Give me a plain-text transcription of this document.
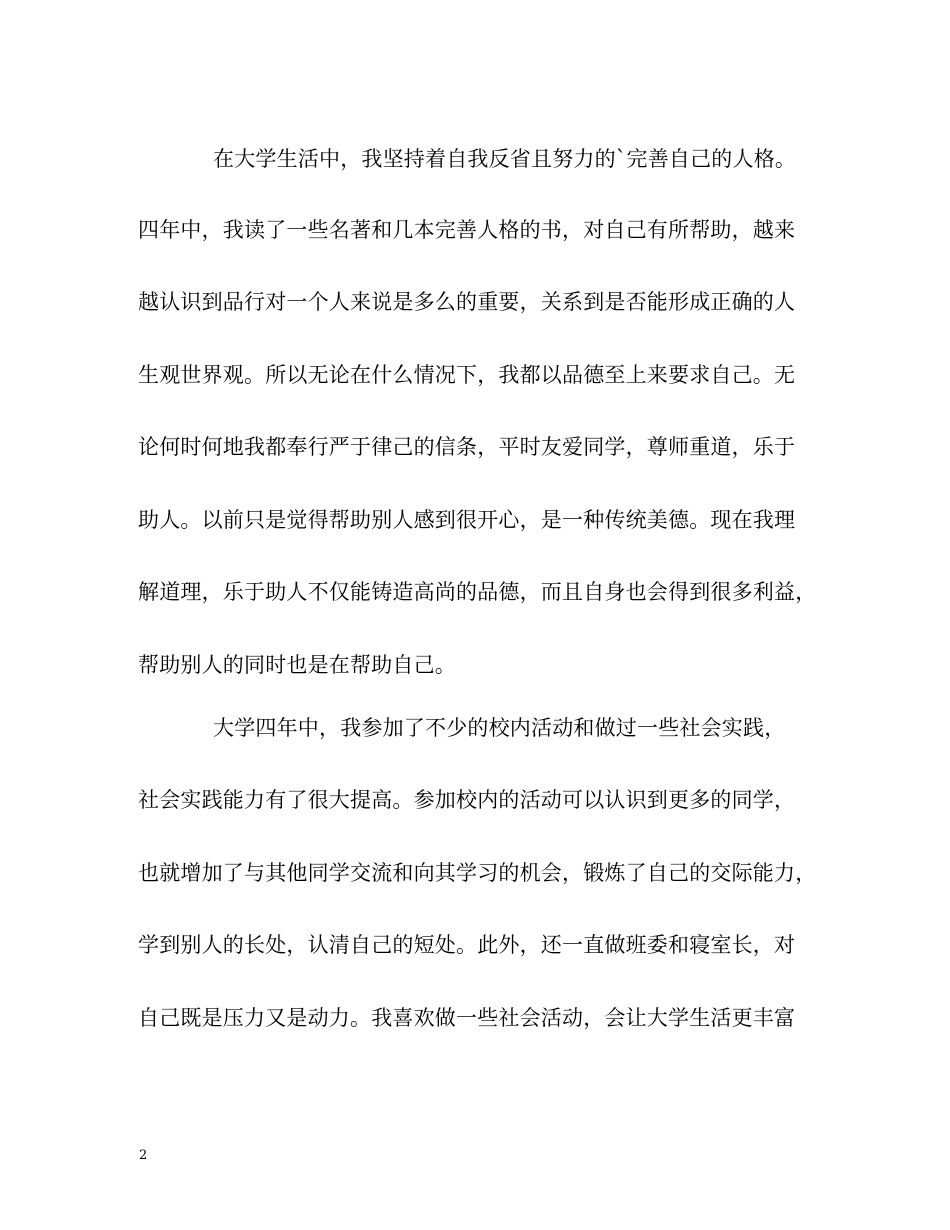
在大学生活中，我坚持着自我反省且努力的`完善自己的人格。
四年中，我读了一些名著和几本完善人格的书，对自己有所帮助，越来
越认识到品行对一个人来说是多么的重要，关系到是否能形成正确的人
生观世界观。所以无论在什么情况下，我都以品德至上来要求自己。无
论何时何地我都奉行严于律己的信条，平时友爱同学，尊师重道，乐于
助人。以前只是觉得帮助别人感到很开心，是一种传统美德。现在我理
解道理，乐于助人不仅能铸造高尚的品德，而且自身也会得到很多利益，
帮助别人的同时也是在帮助自己。
大学四年中，我参加了不少的校内活动和做过一些社会实践，
社会实践能力有了很大提高。参加校内的活动可以认识到更多的同学，
也就增加了与其他同学交流和向其学习的机会，锻炼了自己的交际能力，
学到别人的长处，认清自己的短处。此外，还一直做班委和寝室长，对
自己既是压力又是动力。我喜欢做一些社会活动，会让大学生活更丰富
2
